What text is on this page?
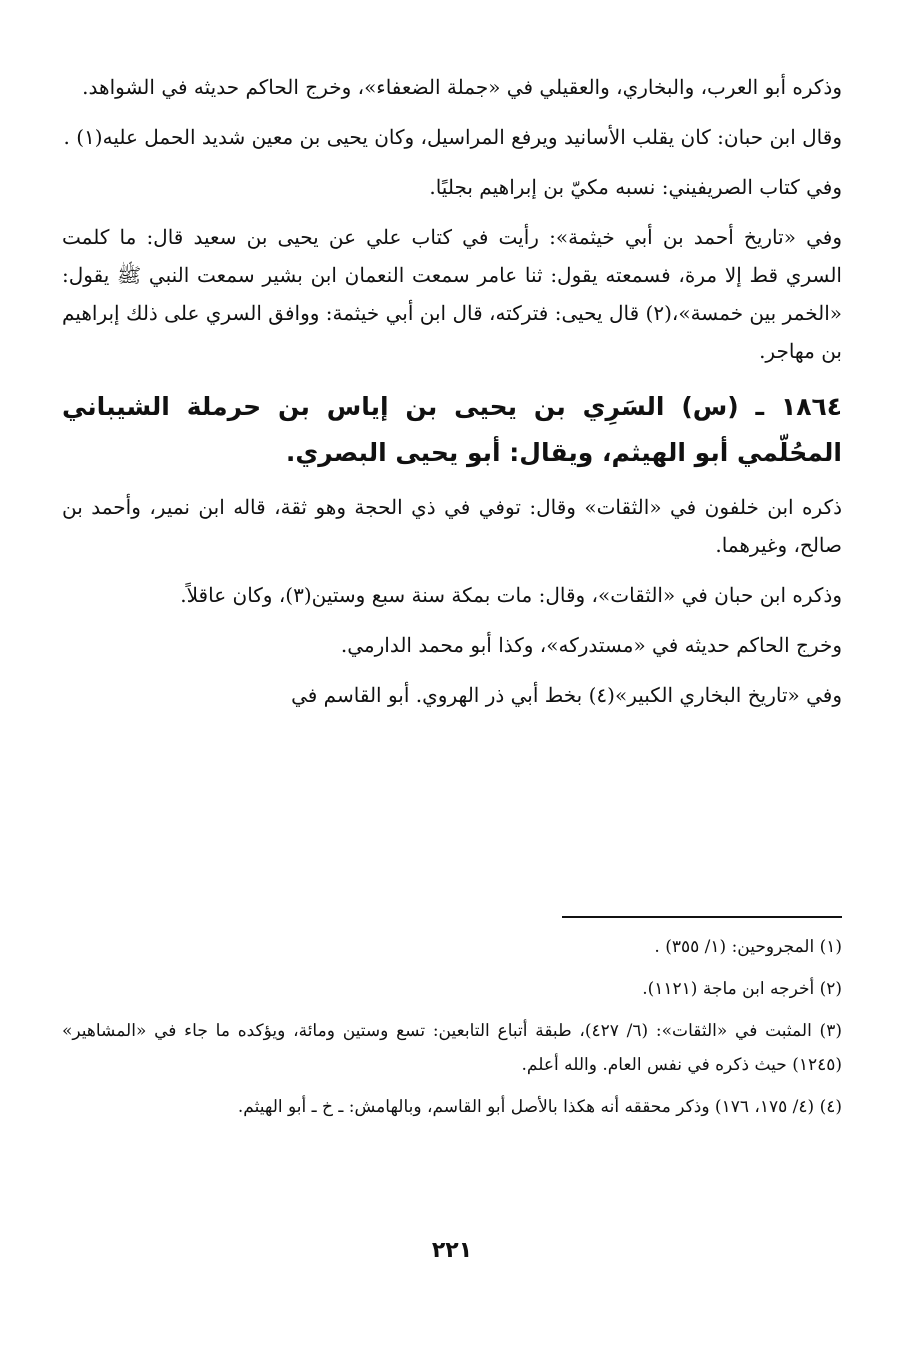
وذكره أبو العرب، والبخاري، والعقيلي في «جملة الضعفاء»، وخرج الحاكم حديثه في الشواهد.

وقال ابن حبان: كان يقلب الأسانيد ويرفع المراسيل، وكان يحيى بن معين شديد الحمل عليه(١) .

وفي كتاب الصريفيني: نسبه مكيّ بن إبراهيم بجليًا.

وفي «تاريخ أحمد بن أبي خيثمة»: رأيت في كتاب علي عن يحيى بن سعيد قال: ما كلمت السري قط إلا مرة، فسمعته يقول: ثنا عامر سمعت النعمان ابن بشير سمعت النبي ﷺ يقول: «الخمر بين خمسة»،(٢) قال يحيى: فتركته، قال ابن أبي خيثمة: ووافق السري على ذلك إبراهيم بن مهاجر.

١٨٦٤ ـ (س) السَرِي بن يحيى بن إياس بن حرملة الشيباني المحُلّمي أبو الهيثم، ويقال: أبو يحيى البصري.

ذكره ابن خلفون في «الثقات» وقال: توفي في ذي الحجة وهو ثقة، قاله ابن نمير، وأحمد بن صالح، وغيرهما.

وذكره ابن حبان في «الثقات»، وقال: مات بمكة سنة سبع وستين(٣)، وكان عاقلاً.

وخرج الحاكم حديثه في «مستدركه»، وكذا أبو محمد الدارمي.

وفي «تاريخ البخاري الكبير»(٤) بخط أبي ذر الهروي. أبو القاسم في

(١) المجروحين: (١/ ٣٥٥) .

(٢) أخرجه ابن ماجة (١١٢١).

(٣) المثبت في «الثقات»: (٦/ ٤٢٧)، طبقة أتباع التابعين: تسع وستين ومائة، ويؤكده ما جاء في «المشاهير» (١٢٤٥) حيث ذكره في نفس العام. والله أعلم.

(٤) (٤/ ١٧٥، ١٧٦) وذكر محققه أنه هكذا بالأصل أبو القاسم، وبالهامش: ـ خ ـ أبو الهيثم.

٢٢١
